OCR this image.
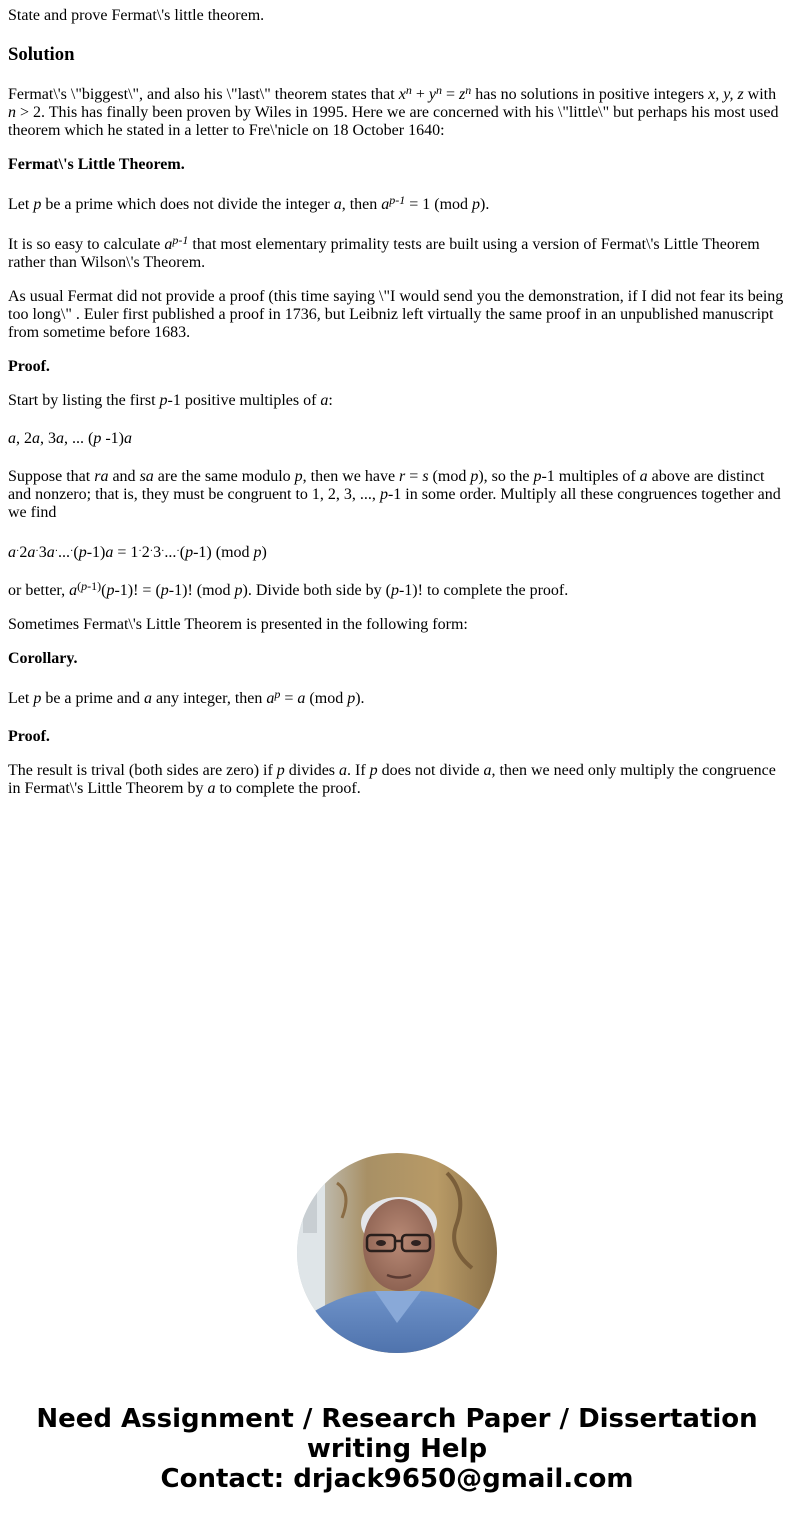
State and prove Fermat\'s little theorem.

Solution

Fermat\'s \"biggest\", and also his \"last\" theorem states that $x^n + y^n = z^n$ has no solutions in positive integers x, y, z with n > 2. This has finally been proven by Wiles in 1995. Here we are concerned with his \"little\" but perhaps his most used theorem which he stated in a letter to Fre\'nicle on 18 October 1640:

Fermat\'s Little Theorem.

Let p be a prime which does not divide the integer a, then $a^{p-1} = 1$ (mod p).

It is so easy to calculate $a^{p-1}$ that most elementary primality tests are built using a version of Fermat\'s Little Theorem rather than Wilson\'s Theorem.

As usual Fermat did not provide a proof (this time saying \"I would send you the demonstration, if I did not fear its being too long\" . Euler first published a proof in 1736, but Leibniz left virtually the same proof in an unpublished manuscript from sometime before 1683.

Proof.

Start by listing the first p-1 positive multiples of a:

a, 2a, 3a, ... (p -1)a

Suppose that ra and sa are the same modulo p, then we have r = s (mod p), so the p-1 multiples of a above are distinct and nonzero; that is, they must be congruent to 1, 2, 3, ..., p-1 in some order. Multiply all these congruences together and we find

a·2a·3a·...·(p-1)a = 1·2·3·...·(p-1) (mod p)

or better, $a^{(p-1)}(p-1)$! = (p-1)! (mod p). Divide both side by (p-1)! to complete the proof.

Sometimes Fermat\'s Little Theorem is presented in the following form:

Corollary.

Let p be a prime and a any integer, then $a^p = a$ (mod p).

Proof.

The result is trival (both sides are zero) if p divides a. If p does not divide a, then we need only multiply the congruence in Fermat\'s Little Theorem by a to complete the proof.

Need Assignment / Research Paper / Dissertation
writing Help
Contact: drjack9650@gmail.com
